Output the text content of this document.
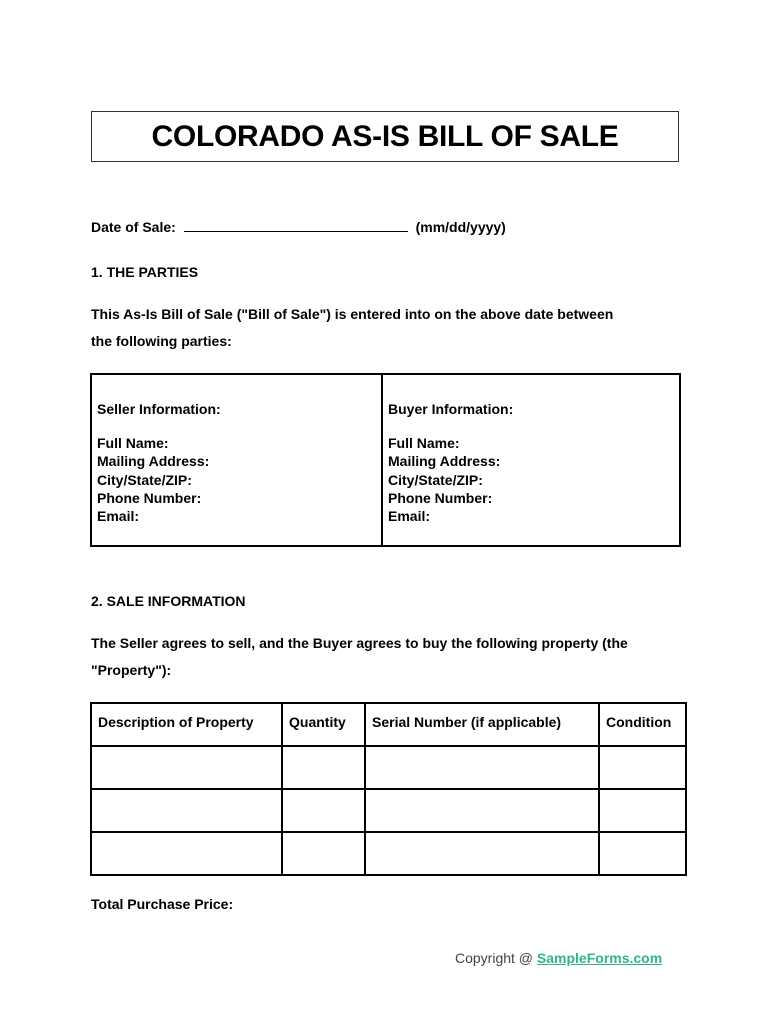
COLORADO AS-IS BILL OF SALE
Date of Sale:	(mm/dd/yyyy)
1. THE PARTIES
This As-Is Bill of Sale ("Bill of Sale") is entered into on the above date between
the following parties:
Seller Information:
Full Name:
Mailing Address:
City/State/ZIP:
Phone Number:
Email:
Buyer Information:
Full Name:
Mailing Address:
City/State/ZIP:
Phone Number:
Email:
2. SALE INFORMATION
The Seller agrees to sell, and the Buyer agrees to buy the following property (the
"Property"):
Description of Property	Quantity	Serial Number (if applicable)	Condition

Total Purchase Price:
Copyright @ SampleForms.com
